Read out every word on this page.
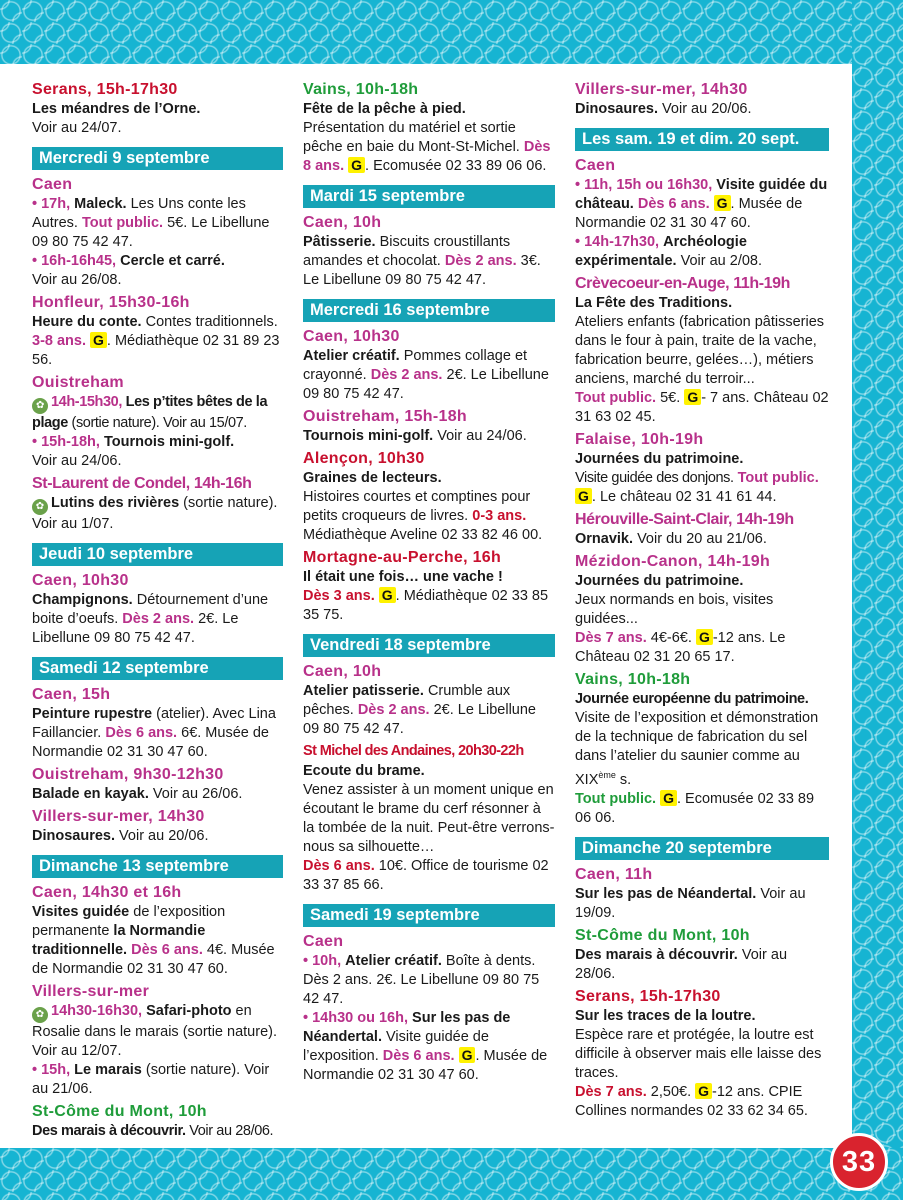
33
Serans, 15h-17h30

Les méandres de l’Orne.
Voir au 24/07.

Mercredi 9 septembre
Caen

• 17h, Maleck. Les Uns conte les Autres. Tout public. 5€. Le Libellune 09 80 75 42 47.

• 16h-16h45, Cercle et carré.
Voir au 26/08.

Honfleur, 15h30-16h

Heure du conte. Contes traditionnels. 3-8 ans. G . Médiathèque 02 31 89 23 56.

Ouistreham

✿ 14h-15h30, Les p’tites bêtes de la plage (sortie nature). Voir au 15/07.

• 15h-18h, Tournois mini-golf.
Voir au 24/06.

St-Laurent de Condel, 14h-16h

✿ Lutins des rivières (sortie nature). Voir au 1/07.

Jeudi 10 septembre
Caen, 10h30

Champignons. Détournement d’une boite d’oeufs. Dès 2 ans. 2€. Le Libellune 09 80 75 42 47.

Samedi 12 septembre
Caen, 15h

Peinture rupestre (atelier). Avec Lina Faillancier. Dès 6 ans. 6€. Musée de Normandie 02 31 30 47 60.

Ouistreham, 9h30-12h30

Balade en kayak. Voir au 26/06.

Villers-sur-mer, 14h30

Dinosaures. Voir au 20/06.

Dimanche 13 septembre
Caen, 14h30 et 16h

Visites guidée de l’exposition permanente la Normandie traditionnelle. Dès 6 ans. 4€. Musée de Normandie 02 31 30 47 60.

Villers-sur-mer

✿ 14h30-16h30, Safari-photo en Rosalie dans le marais (sortie nature). Voir au 12/07.

• 15h, Le marais (sortie nature). Voir au 21/06.

St-Côme du Mont, 10h

Des marais à découvrir. Voir au 28/06.

Vains, 10h-18h

Fête de la pêche à pied.
Présentation du matériel et sortie pêche en baie du Mont-St-Michel. Dès 8 ans. G . Ecomusée 02 33 89 06 06.

Mardi 15 septembre
Caen, 10h

Pâtisserie. Biscuits croustillants amandes et chocolat. Dès 2 ans. 3€. Le Libellune 09 80 75 42 47.

Mercredi 16 septembre
Caen, 10h30

Atelier créatif. Pommes collage et crayonné. Dès 2 ans. 2€. Le Libellune 09 80 75 42 47.

Ouistreham, 15h-18h

Tournois mini-golf. Voir au 24/06.

Alençon, 10h30

Graines de lecteurs.
Histoires courtes et comptines pour petits croqueurs de livres. 0-3 ans. Médiathèque Aveline 02 33 82 46 00.

Mortagne-au-Perche, 16h

Il était une fois… une vache !
Dès 3 ans. G . Médiathèque 02 33 85 35 75.

Vendredi 18 septembre
Caen, 10h

Atelier patisserie. Crumble aux pêches. Dès 2 ans. 2€. Le Libellune 09 80 75 42 47.

St Michel des Andaines, 20h30-22h

Ecoute du brame.
Venez assister à un moment unique en écoutant le brame du cerf résonner à la tombée de la nuit. Peut-être verrons-nous sa silhouette…
Dès 6 ans. 10€. Office de tourisme 02 33 37 85 66.

Samedi 19 septembre
Caen

• 10h, Atelier créatif. Boîte à dents. Dès 2 ans. 2€. Le Libellune 09 80 75 42 47.

• 14h30 ou 16h, Sur les pas de Néandertal. Visite guidée de l’exposition. Dès 6 ans. G . Musée de Normandie 02 31 30 47 60.

Villers-sur-mer, 14h30

Dinosaures. Voir au 20/06.

Les sam. 19 et dim. 20 sept.
Caen

• 11h, 15h ou 16h30, Visite guidée du château. Dès 6 ans. G . Musée de Normandie 02 31 30 47 60.

• 14h-17h30, Archéologie expérimentale. Voir au 2/08.

Crèvecoeur-en-Auge, 11h-19h

La Fête des Traditions.
Ateliers enfants (fabrication pâtisseries dans le four à pain, traite de la vache, fabrication beurre, gelées…), métiers anciens, marché du terroir...
Tout public. 5€. G - 7 ans. Château 02 31 63 02 45.

Falaise, 10h-19h

Journées du patrimoine.
Visite guidée des donjons. Tout public. G . Le château 02 31 41 61 44.

Hérouville-Saint-Clair, 14h-19h

Ornavik. Voir du 20 au 21/06.

Mézidon-Canon, 14h-19h

Journées du patrimoine.
Jeux normands en bois, visites guidées...
Dès 7 ans. 4€-6€. G -12 ans. Le Château 02 31 20 65 17.

Vains, 10h-18h

Journée européenne du patrimoine.
Visite de l’exposition et démonstration de la technique de fabrication du sel dans l’atelier du saunier comme au XIXème s.
Tout public. G . Ecomusée 02 33 89 06 06.

Dimanche 20 septembre
Caen, 11h

Sur les pas de Néandertal. Voir au 19/09.

St-Côme du Mont, 10h

Des marais à découvrir. Voir au 28/06.

Serans, 15h-17h30

Sur les traces de la loutre.
Espèce rare et protégée, la loutre est difficile à observer mais elle laisse des traces.
Dès 7 ans. 2,50€. G -12 ans. CPIE Collines normandes 02 33 62 34 65.
